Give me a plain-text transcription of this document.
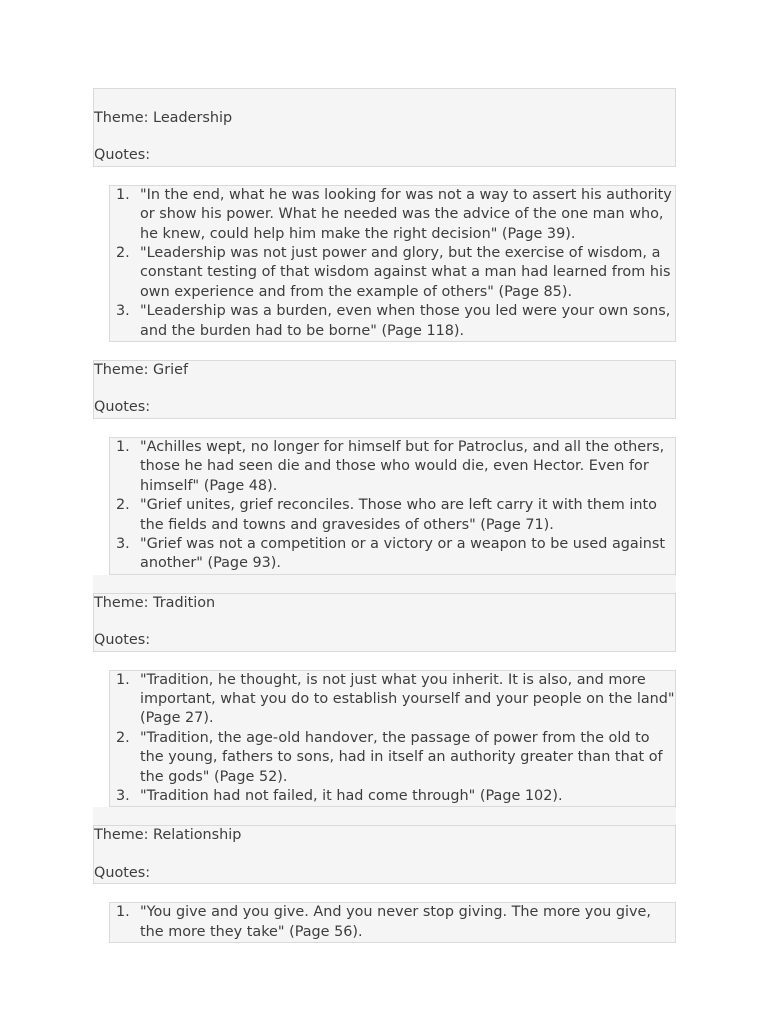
Theme: Leadership

Quotes:

1. "In the end, what he was looking for was not a way to assert his authority or show his power. What he needed was the advice of the one man who, he knew, could help him make the right decision" (Page 39).
2. "Leadership was not just power and glory, but the exercise of wisdom, a constant testing of that wisdom against what a man had learned from his own experience and from the example of others" (Page 85).
3. "Leadership was a burden, even when those you led were your own sons, and the burden had to be borne" (Page 118).

Theme: Grief

Quotes:

1. "Achilles wept, no longer for himself but for Patroclus, and all the others, those he had seen die and those who would die, even Hector. Even for himself" (Page 48).
2. "Grief unites, grief reconciles. Those who are left carry it with them into the fields and towns and gravesides of others" (Page 71).
3. "Grief was not a competition or a victory or a weapon to be used against another" (Page 93).

Theme: Tradition

Quotes:

1. "Tradition, he thought, is not just what you inherit. It is also, and more important, what you do to establish yourself and your people on the land" (Page 27).
2. "Tradition, the age-old handover, the passage of power from the old to the young, fathers to sons, had in itself an authority greater than that of the gods" (Page 52).
3. "Tradition had not failed, it had come through" (Page 102).

Theme: Relationship

Quotes:

1. "You give and you give. And you never stop giving. The more you give, the more they take" (Page 56).
